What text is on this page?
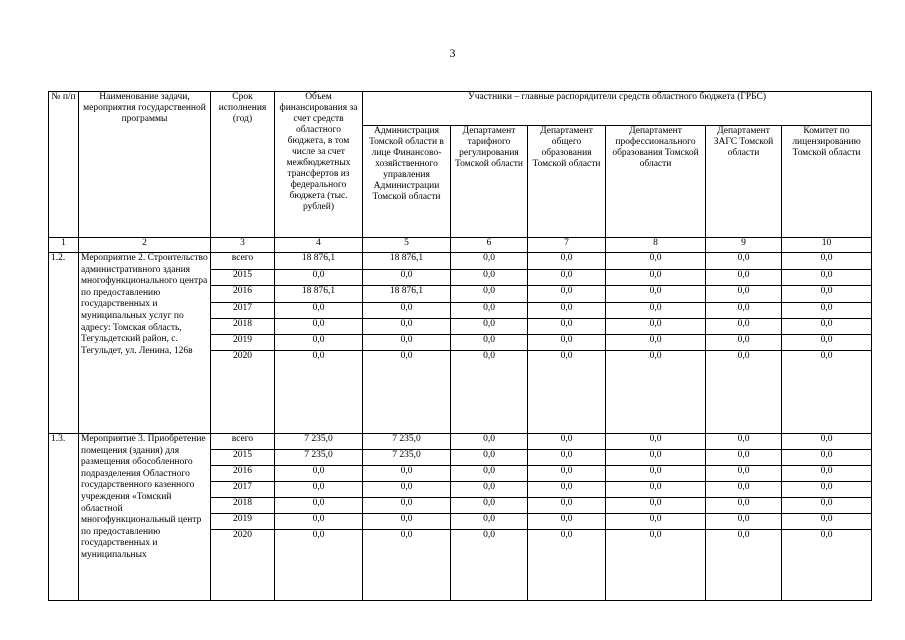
3
№ п/п	Наименование задачи, мероприятия государственной программы	Срок исполнения (год)	Объем финансирования за счет средств областного бюджета, в том числе за счет межбюджетных трансфертов из федерального бюджета (тыс. рублей)	Участники – главные распорядители средств областного бюджета (ГРБС)					
				Администрация Томской области в лице Финансово-хозяйственного управления Администрации Томской области	Департамент тарифного регулирования Томской области	Департамент общего образования Томской области	Департамент профессионального образования Томской области	Департамент ЗАГС Томской области	Комитет по лицензированию Томской области
1	2	3	4	5	6	7	8	9	10
1.2.	Мероприятие 2. Строительство административного здания многофункционального центра по предоставлению государственных и муниципальных услуг по адресу: Томская область, Тегульдетский район, с. Тегульдет, ул. Ленина, 126в	всего	18 876,1	18 876,1	0,0	0,0	0,0	0,0	0,0
		2015	0,0	0,0	0,0	0,0	0,0	0,0	0,0
		2016	18 876,1	18 876,1	0,0	0,0	0,0	0,0	0,0
		2017	0,0	0,0	0,0	0,0	0,0	0,0	0,0
		2018	0,0	0,0	0,0	0,0	0,0	0,0	0,0
		2019	0,0	0,0	0,0	0,0	0,0	0,0	0,0
		2020	0,0	0,0	0,0	0,0	0,0	0,0	0,0
1.3.	Мероприятие 3. Приобретение помещения (здания) для размещения обособленного подразделения Областного государственного казенного учреждения «Томский областной многофункциональный центр по предоставлению государственных и муниципальных	всего	7 235,0	7 235,0	0,0	0,0	0,0	0,0	0,0
		2015	7 235,0	7 235,0	0,0	0,0	0,0	0,0	0,0
		2016	0,0	0,0	0,0	0,0	0,0	0,0	0,0
		2017	0,0	0,0	0,0	0,0	0,0	0,0	0,0
		2018	0,0	0,0	0,0	0,0	0,0	0,0	0,0
		2019	0,0	0,0	0,0	0,0	0,0	0,0	0,0
		2020	0,0	0,0	0,0	0,0	0,0	0,0	0,0
